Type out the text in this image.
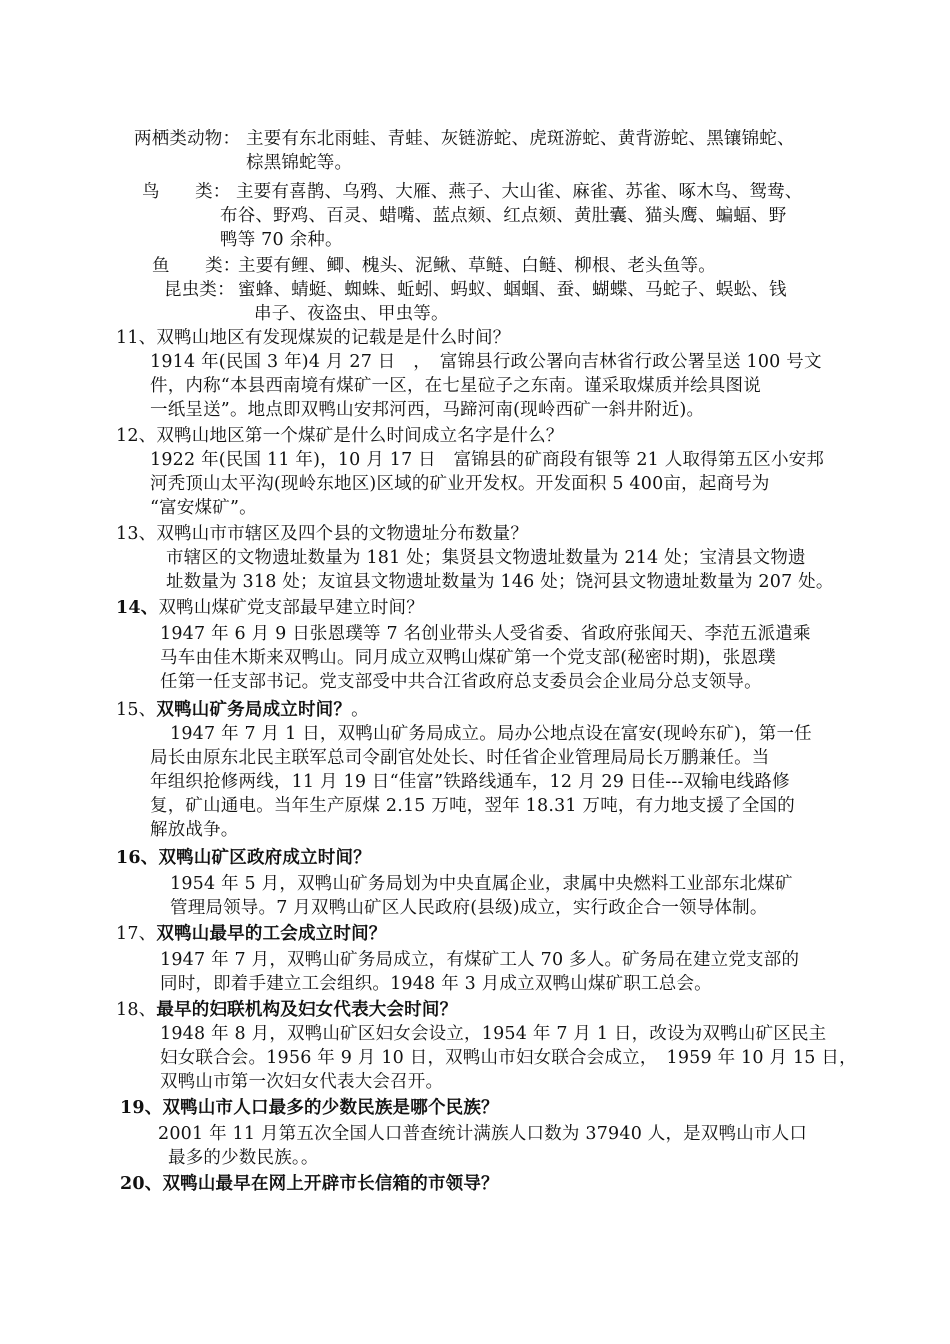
两栖类动物： 主要有东北雨蛙、青蛙、灰链游蛇、虎斑游蛇、黄背游蛇、黑镶锦蛇、
棕黑锦蛇等。
鸟　　类： 主要有喜鹊、乌鸦、大雁、燕子、大山雀、麻雀、苏雀、啄木鸟、鸳鸯、
布谷、野鸡、百灵、蜡嘴、蓝点颏、红点颏、黄肚囊、猫头鹰、蝙蝠、野
鸭等 70 余种。
鱼　　类：
主要有鲤、鲫、槐头、泥鳅、草鲢、白鲢、柳根、老头鱼等。
昆虫类： 蜜蜂、蜻蜓、蜘蛛、蚯蚓、蚂蚁、蝈蝈、蚕、蝴蝶、马蛇子、蜈蚣、钱
串子、夜盗虫、甲虫等。
11、双鸭山地区有发现煤炭的记载是是什么时间？
1914 年(民国 3 年)4 月 27 日　，　富锦县行政公署向吉林省行政公署呈送 100 号文
件，内称“本县西南境有煤矿一区，在七星砬子之东南。谨采取煤质并绘具图说
一纸呈送”。地点即双鸭山安邦河西，马蹄河南(现岭西矿一斜井附近)。
12、双鸭山地区第一个煤矿是什么时间成立名字是什么？
1922 年(民国 11 年)，10 月 17 日　富锦县的矿商段有银等 21 人取得第五区小安邦
河秃顶山太平沟(现岭东地区)区域的矿业开发权。开发面积 5 400亩，起商号为
“富安煤矿”。
13、双鸭山市市辖区及四个县的文物遗址分布数量？
市辖区的文物遗址数量为 181 处；集贤县文物遗址数量为 214 处；宝清县文物遗
址数量为 318 处；友谊县文物遗址数量为 146 处；饶河县文物遗址数量为 207 处。
14、双鸭山煤矿党支部最早建立时间？
1947 年 6 月 9 日张恩璞等 7 名创业带头人受省委、省政府张闻天、李范五派遣乘
马车由佳木斯来双鸭山。同月成立双鸭山煤矿第一个党支部(秘密时期)，张恩璞
任第一任支部书记。党支部受中共合江省政府总支委员会企业局分总支领导。
15、双鸭山矿务局成立时间？。
1947 年 7 月 1 日，双鸭山矿务局成立。局办公地点设在富安(现岭东矿)，第一任
局长由原东北民主联军总司令副官处处长、时任省企业管理局局长万鹏兼任。当
年组织抢修两线，11 月 19 日“佳富”铁路线通车，12 月 29 日佳---双输电线路修
复，矿山通电。当年生产原煤 2.15 万吨，翌年 18.31 万吨，有力地支援了全国的
解放战争。
16、双鸭山矿区政府成立时间？
1954 年 5 月，双鸭山矿务局划为中央直属企业，隶属中央燃料工业部东北煤矿
管理局领导。7 月双鸭山矿区人民政府(县级)成立，实行政企合一领导体制。
17、双鸭山最早的工会成立时间？
1947 年 7 月，双鸭山矿务局成立，有煤矿工人 70 多人。矿务局在建立党支部的
同时，即着手建立工会组织。1948 年 3 月成立双鸭山煤矿职工总会。
18、最早的妇联机构及妇女代表大会时间？
1948 年 8 月，双鸭山矿区妇女会设立，1954 年 7 月 1 日，改设为双鸭山矿区民主
妇女联合会。1956 年 9 月 10 日，双鸭山市妇女联合会成立，　1959 年 10 月 15 日，
双鸭山市第一次妇女代表大会召开。
19、双鸭山市人口最多的少数民族是哪个民族？
2001 年 11 月第五次全国人口普查统计满族人口数为 37940 人，是双鸭山市人口
最多的少数民族。。
20、双鸭山最早在网上开辟市长信箱的市领导？
